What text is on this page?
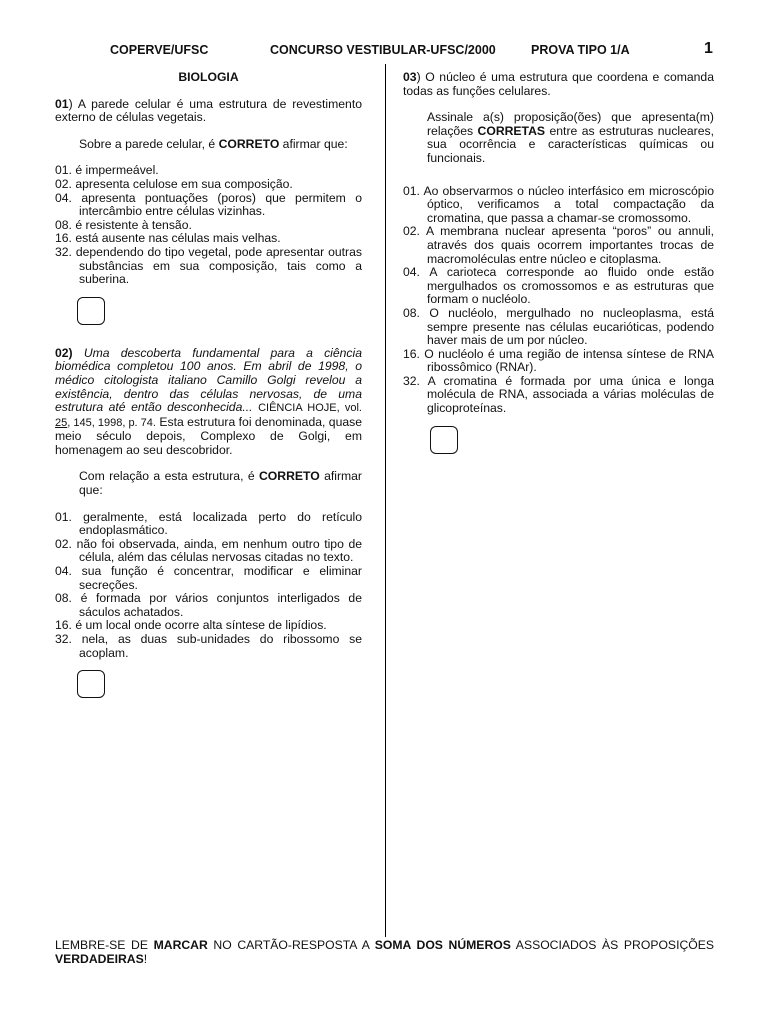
COPERVE/UFSC	CONCURSO VESTIBULAR-UFSC/2000	PROVA TIPO 1/A	1
BIOLOGIA

01) A parede celular é uma estrutura de revestimento externo de células vegetais.

Sobre a parede celular, é CORRETO afirmar que:

01. é impermeável.
02. apresenta celulose em sua composição.
04. apresenta pontuações (poros) que permitem o intercâmbio entre células vizinhas.
08. é resistente à tensão.
16. está ausente nas células mais velhas.
32. dependendo do tipo vegetal, pode apresentar outras substâncias em sua composição, tais como a suberina.

02) Uma descoberta fundamental para a ciência biomédica completou 100 anos. Em abril de 1998, o médico citologista italiano Camillo Golgi revelou a existência, dentro das células nervosas, de uma estrutura até então desconhecida... CIÊNCIA HOJE, vol. 25, 145, 1998, p. 74. Esta estrutura foi denominada, quase meio século depois, Complexo de Golgi, em homenagem ao seu descobridor.

Com relação a esta estrutura, é CORRETO afirmar que:

01. geralmente, está localizada perto do retículo endoplasmático.
02. não foi observada, ainda, em nenhum outro tipo de célula, além das células nervosas citadas no texto.
04. sua função é concentrar, modificar e eliminar secreções.
08. é formada por vários conjuntos interligados de sáculos achatados.
16. é um local onde ocorre alta síntese de lipídios.
32. nela, as duas sub-unidades do ribossomo se acoplam.

03) O núcleo é uma estrutura que coordena e comanda todas as funções celulares.

Assinale a(s) proposição(ões) que apresenta(m) relações CORRETAS entre as estruturas nucleares, sua ocorrência e características químicas ou funcionais.

01. Ao observarmos o núcleo interfásico em microscópio óptico, verificamos a total compactação da cromatina, que passa a chamar-se cromossomo.
02. A membrana nuclear apresenta “poros” ou annuli, através dos quais ocorrem importantes trocas de macromoléculas entre núcleo e citoplasma.
04. A carioteca corresponde ao fluido onde estão mergulhados os cromossomos e as estruturas que formam o nucléolo.
08. O nucléolo, mergulhado no nucleoplasma, está sempre presente nas células eucarióticas, podendo haver mais de um por núcleo.
16. O nucléolo é uma região de intensa síntese de RNA ribossômico (RNAr).
32. A cromatina é formada por uma única e longa molécula de RNA, associada a várias moléculas de glicoproteínas.
LEMBRE-SE DE MARCAR NO CARTÃO-RESPOSTA A SOMA DOS NÚMEROS ASSOCIADOS ÀS PROPOSIÇÕES VERDADEIRAS!
